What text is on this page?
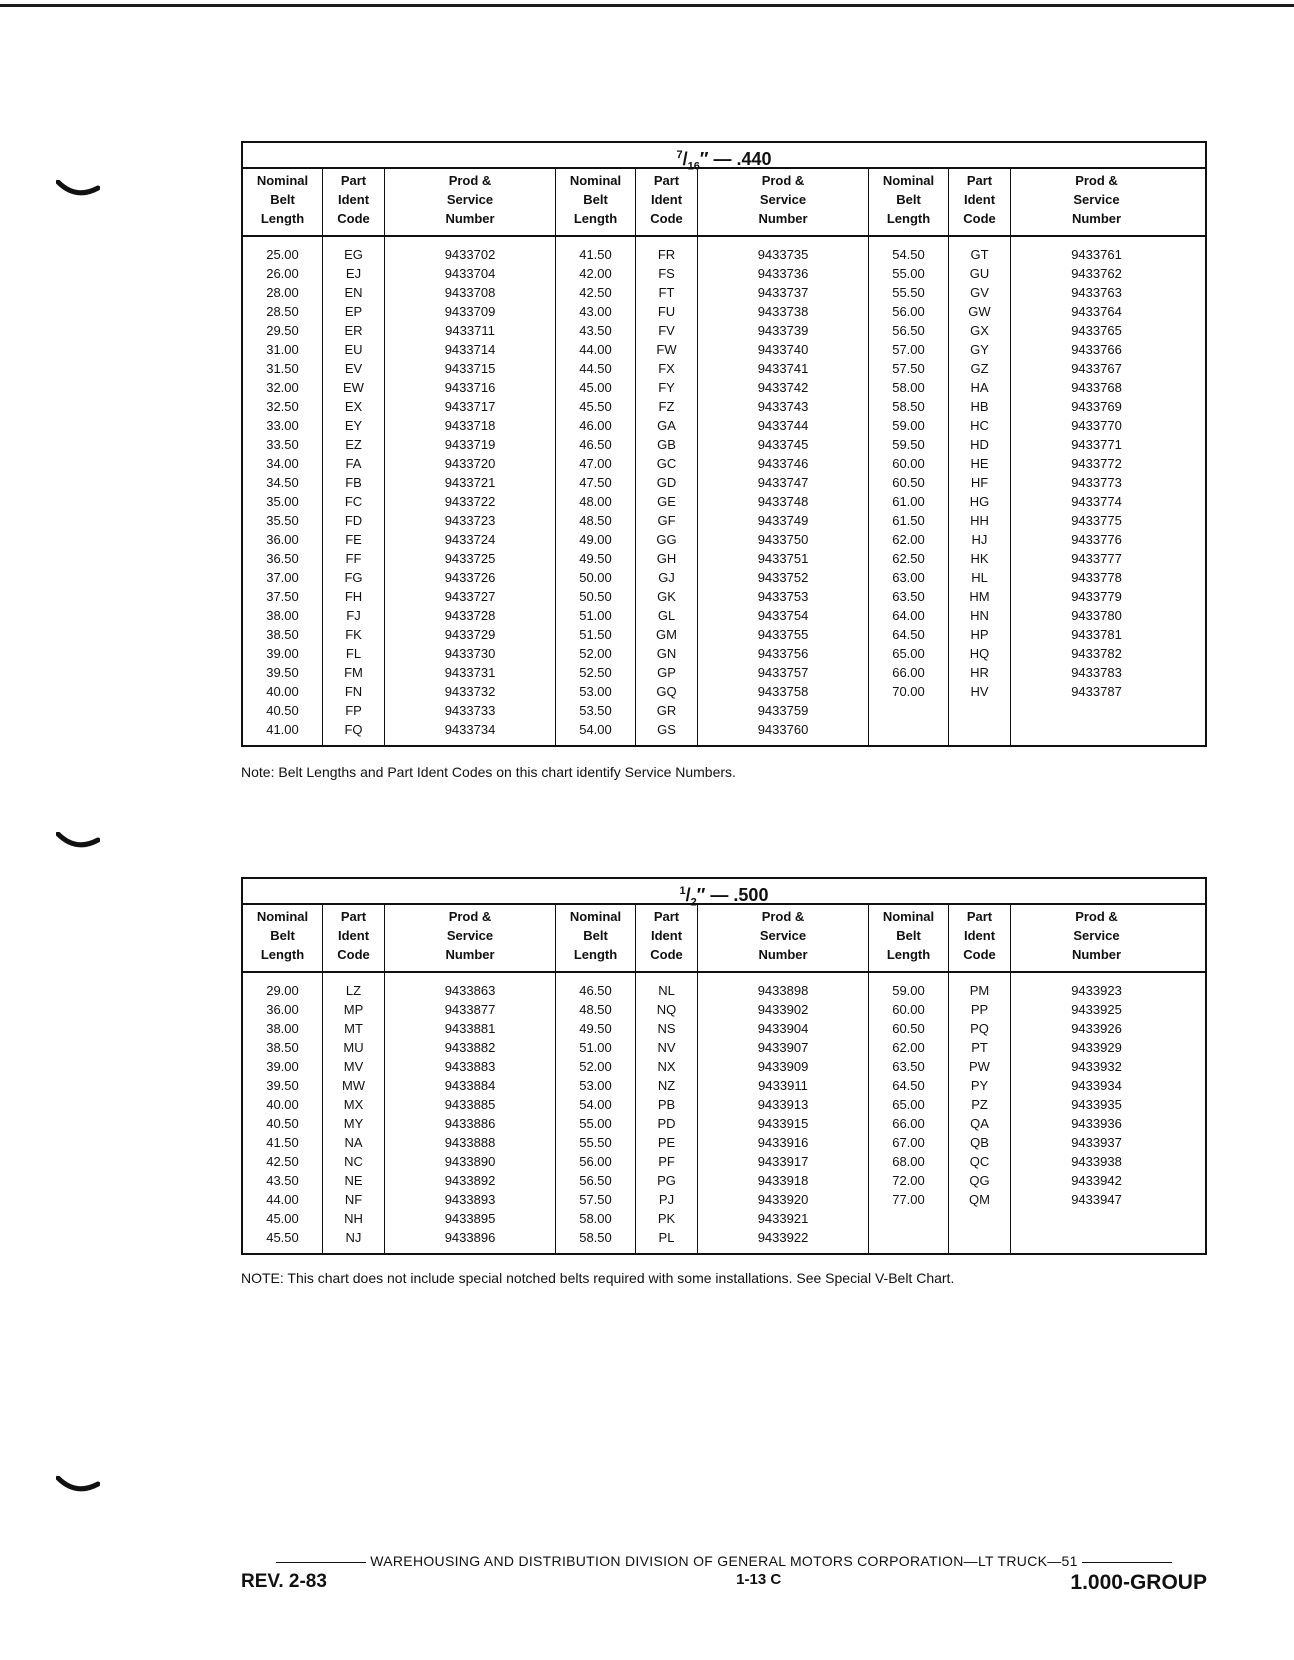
$^7/_{16}''$ — .440
Nominal
Belt
Length
Part
Ident
Code
Prod &
Service
Number
Nominal
Belt
Length
Part
Ident
Code
Prod &
Service
Number
Nominal
Belt
Length
Part
Ident
Code
Prod &
Service
Number
25.00
26.00
28.00
28.50
29.50
31.00
31.50
32.00
32.50
33.00
33.50
34.00
34.50
35.00
35.50
36.00
36.50
37.00
37.50
38.00
38.50
39.00
39.50
40.00
40.50
41.00
EG
EJ
EN
EP
ER
EU
EV
EW
EX
EY
EZ
FA
FB
FC
FD
FE
FF
FG
FH
FJ
FK
FL
FM
FN
FP
FQ
9433702
9433704
9433708
9433709
9433711
9433714
9433715
9433716
9433717
9433718
9433719
9433720
9433721
9433722
9433723
9433724
9433725
9433726
9433727
9433728
9433729
9433730
9433731
9433732
9433733
9433734
41.50
42.00
42.50
43.00
43.50
44.00
44.50
45.00
45.50
46.00
46.50
47.00
47.50
48.00
48.50
49.00
49.50
50.00
50.50
51.00
51.50
52.00
52.50
53.00
53.50
54.00
FR
FS
FT
FU
FV
FW
FX
FY
FZ
GA
GB
GC
GD
GE
GF
GG
GH
GJ
GK
GL
GM
GN
GP
GQ
GR
GS
9433735
9433736
9433737
9433738
9433739
9433740
9433741
9433742
9433743
9433744
9433745
9433746
9433747
9433748
9433749
9433750
9433751
9433752
9433753
9433754
9433755
9433756
9433757
9433758
9433759
9433760
54.50
55.00
55.50
56.00
56.50
57.00
57.50
58.00
58.50
59.00
59.50
60.00
60.50
61.00
61.50
62.00
62.50
63.00
63.50
64.00
64.50
65.00
66.00
70.00
GT
GU
GV
GW
GX
GY
GZ
HA
HB
HC
HD
HE
HF
HG
HH
HJ
HK
HL
HM
HN
HP
HQ
HR
HV
9433761
9433762
9433763
9433764
9433765
9433766
9433767
9433768
9433769
9433770
9433771
9433772
9433773
9433774
9433775
9433776
9433777
9433778
9433779
9433780
9433781
9433782
9433783
9433787
Note: Belt Lengths and Part Ident Codes on this chart identify Service Numbers.
$^1/_2''$ — .500
Nominal
Belt
Length
Part
Ident
Code
Prod &
Service
Number
Nominal
Belt
Length
Part
Ident
Code
Prod &
Service
Number
Nominal
Belt
Length
Part
Ident
Code
Prod &
Service
Number
29.00
36.00
38.00
38.50
39.00
39.50
40.00
40.50
41.50
42.50
43.50
44.00
45.00
45.50
LZ
MP
MT
MU
MV
MW
MX
MY
NA
NC
NE
NF
NH
NJ
9433863
9433877
9433881
9433882
9433883
9433884
9433885
9433886
9433888
9433890
9433892
9433893
9433895
9433896
46.50
48.50
49.50
51.00
52.00
53.00
54.00
55.00
55.50
56.00
56.50
57.50
58.00
58.50
NL
NQ
NS
NV
NX
NZ
PB
PD
PE
PF
PG
PJ
PK
PL
9433898
9433902
9433904
9433907
9433909
9433911
9433913
9433915
9433916
9433917
9433918
9433920
9433921
9433922
59.00
60.00
60.50
62.00
63.50
64.50
65.00
66.00
67.00
68.00
72.00
77.00
PM
PP
PQ
PT
PW
PY
PZ
QA
QB
QC
QG
QM
9433923
9433925
9433926
9433929
9433932
9433934
9433935
9433936
9433937
9433938
9433942
9433947
NOTE: This chart does not include special notched belts required with some installations. See Special V-Belt Chart.
WAREHOUSING AND DISTRIBUTION DIVISION OF GENERAL MOTORS CORPORATION—LT TRUCK—51
REV. 2-83	1-13 C	1.000-GROUP
